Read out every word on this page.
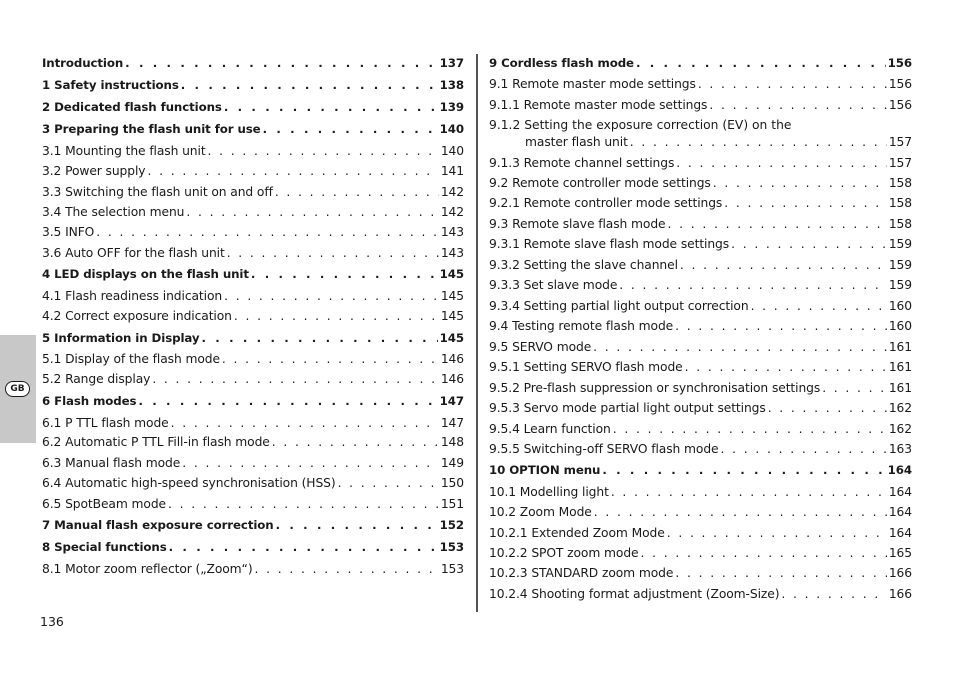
GB
Introduction . . .	137
1 Safety instructions . . .	138
2 Dedicated flash functions . . .	139
3 Preparing the flash unit for use . . .	140
3.1 Mounting the flash unit . . .	140
3.2 Power supply . . .	141
3.3 Switching the flash unit on and off . . .	142
3.4 The selection menu . . .	142
3.5 INFO . . .	143
3.6 Auto OFF for the flash unit . . .	143
4 LED displays on the flash unit . . .	145
4.1 Flash readiness indication . . .	145
4.2 Correct exposure indication . . .	145
5 Information in Display . . .	145
5.1 Display of the flash mode . . .	146
5.2 Range display . . .	146
6 Flash modes . . .	147
6.1 P TTL flash mode . . .	147
6.2 Automatic P TTL Fill-in flash mode . . .	148
6.3 Manual flash mode . . .	149
6.4 Automatic high-speed synchronisation (HSS) . . .	150
6.5 SpotBeam mode . . .	151
7 Manual flash exposure correction . . .	152
8 Special functions . . .	153
8.1 Motor zoom reflector („Zoom“) . . .	153
9 Cordless flash mode . . .	156
9.1 Remote master mode settings . . .	156
9.1.1 Remote master mode settings . . .	156
9.1.2 Setting the exposure correction (EV) on the
master flash unit . . .	157
9.1.3 Remote channel settings . . .	157
9.2 Remote controller mode settings . . .	158
9.2.1 Remote controller mode settings . . .	158
9.3 Remote slave flash mode . . .	158
9.3.1 Remote slave flash mode settings . . .	159
9.3.2 Setting the slave channel . . .	159
9.3.3 Set slave mode . . .	159
9.3.4 Setting partial light output correction . . .	160
9.4 Testing remote flash mode . . .	160
9.5 SERVO mode . . .	161
9.5.1 Setting SERVO flash mode . . .	161
9.5.2 Pre-flash suppression or synchronisation settings . . .	161
9.5.3 Servo mode partial light output settings . . .	162
9.5.4 Learn function . . .	162
9.5.5 Switching-off SERVO flash mode . . .	163
10 OPTION menu . . .	164
10.1 Modelling light . . .	164
10.2 Zoom Mode . . .	164
10.2.1 Extended Zoom Mode . . .	164
10.2.2 SPOT zoom mode . . .	165
10.2.3 STANDARD zoom mode . . .	166
10.2.4 Shooting format adjustment (Zoom-Size) . . .	166
136
